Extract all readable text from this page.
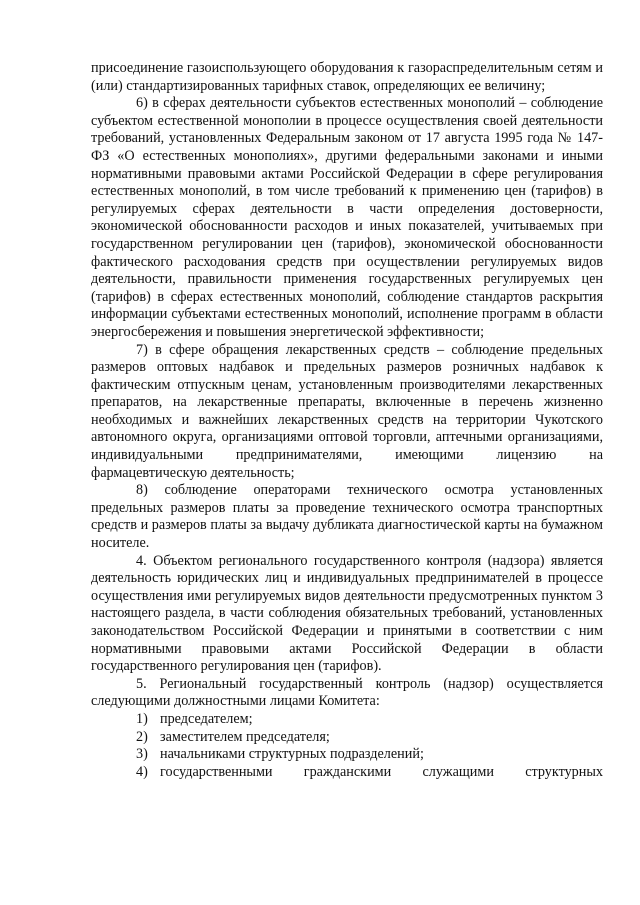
присоединение газоиспользующего оборудования к газораспределительным сетям и (или) стандартизированных тарифных ставок, определяющих ее величину;

6) в сферах деятельности субъектов естественных монополий – соблюдение субъектом естественной монополии в процессе осуществления своей деятельности требований, установленных Федеральным законом от 17 августа 1995 года № 147-ФЗ «О естественных монополиях», другими федеральными законами и иными нормативными правовыми актами Российской Федерации в сфере регулирования естественных монополий, в том числе требований к применению цен (тарифов) в регулируемых сферах деятельности в части определения достоверности, экономической обоснованности расходов и иных показателей, учитываемых при государственном регулировании цен (тарифов), экономической обоснованности фактического расходования средств при осуществлении регулируемых видов деятельности, правильности применения государственных регулируемых цен (тарифов) в сферах естественных монополий, соблюдение стандартов раскрытия информации субъектами естественных монополий, исполнение программ в области энергосбережения и повышения энергетической эффективности;

7) в сфере обращения лекарственных средств – соблюдение предельных размеров оптовых надбавок и предельных размеров розничных надбавок к фактическим отпускным ценам, установленным производителями лекарственных препаратов, на лекарственные препараты, включенные в перечень жизненно необходимых и важнейших лекарственных средств на территории Чукотского автономного округа, организациями оптовой торговли, аптечными организациями, индивидуальными предпринимателями, имеющими лицензию на фармацевтическую деятельность;

8) соблюдение операторами технического осмотра установленных предельных размеров платы за проведение технического осмотра транспортных средств и размеров платы за выдачу дубликата диагностической карты на бумажном носителе.

4. Объектом регионального государственного контроля (надзора) является деятельность юридических лиц и индивидуальных предпринимателей в процессе осуществления ими регулируемых видов деятельности предусмотренных пунктом 3 настоящего раздела, в части соблюдения обязательных требований, установленных законодательством Российской Федерации и принятыми в соответствии с ним нормативными правовыми актами Российской Федерации в области государственного регулирования цен (тарифов).

5. Региональный государственный контроль (надзор) осуществляется следующими должностными лицами Комитета:

1) председателем;
2) заместителем председателя;
3) начальниками структурных подразделений;
4) государственными гражданскими служащими структурных
